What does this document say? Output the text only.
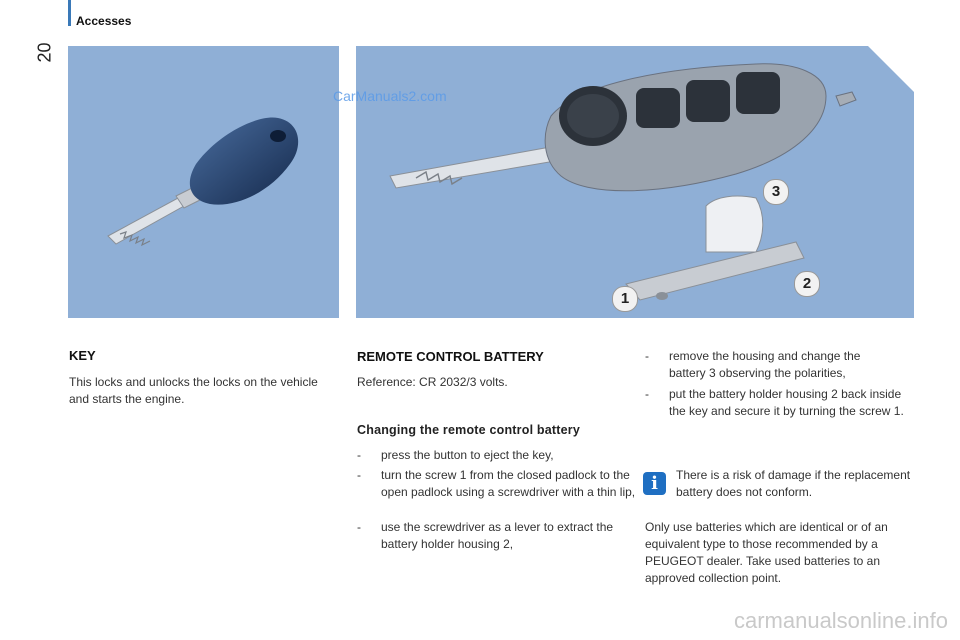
Accesses
20
CarManuals2.com
1
2
3
KEY
This locks and unlocks the locks on the vehicle and starts the engine.
REMOTE CONTROL BATTERY
Reference: CR 2032/3 volts.
Changing the remote control battery
- press the button to eject the key,
- turn the screw 1 from the closed padlock to the open padlock using a screwdriver with a thin lip,
- use the screwdriver as a lever to extract the battery holder housing 2,
- remove the housing and change the battery 3 observing the polarities,
- put the battery holder housing 2 back inside the key and secure it by turning the screw 1.
i	There is a risk of damage if the replacement battery does not conform.
Only use batteries which are identical or of an equivalent type to those recommended by a PEUGEOT dealer. Take used batteries to an approved collection point.
carmanualsonline.info
